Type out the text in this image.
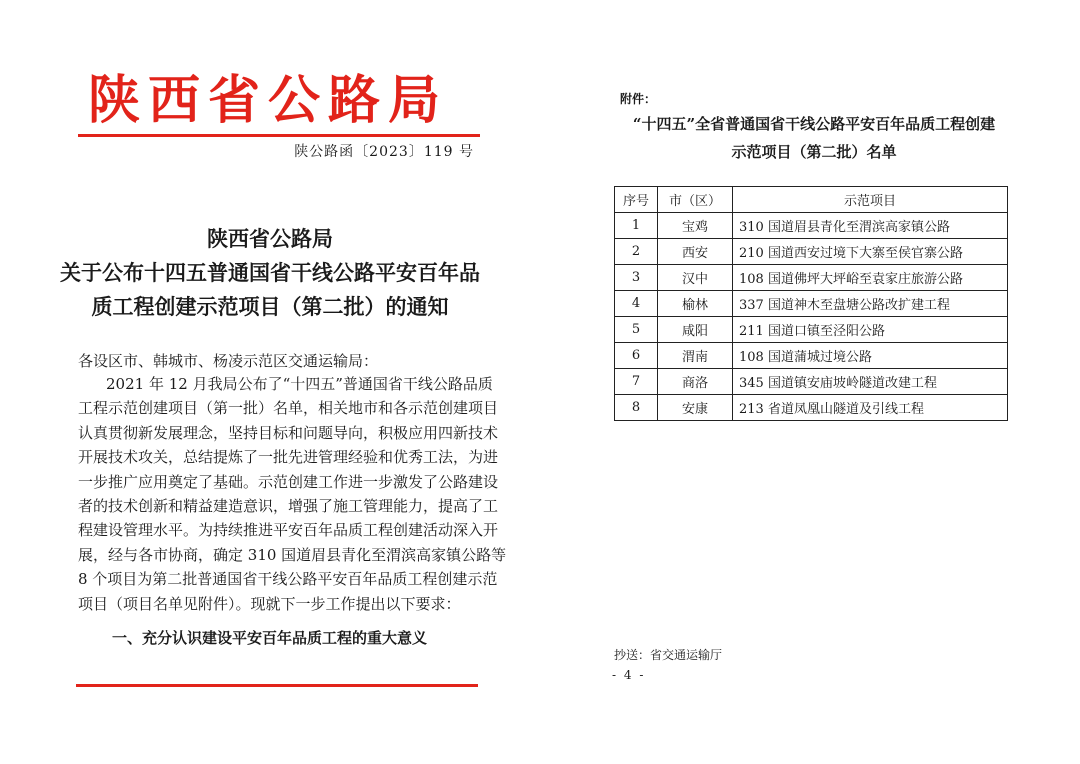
陕西省公路局
陕公路函〔2023〕119 号
陕西省公路局
关于公布十四五普通国省干线公路平安百年品
质工程创建示范项目（第二批）的通知
各设区市、韩城市、杨凌示范区交通运输局：
2021 年 12 月我局公布了“十四五”普通国省干线公路品质
工程示范创建项目（第一批）名单，相关地市和各示范创建项目
认真贯彻新发展理念，坚持目标和问题导向，积极应用四新技术
开展技术攻关，总结提炼了一批先进管理经验和优秀工法，为进
一步推广应用奠定了基础。示范创建工作进一步激发了公路建设
者的技术创新和精益建造意识，增强了施工管理能力，提高了工
程建设管理水平。为持续推进平安百年品质工程创建活动深入开
展，经与各市协商，确定 310 国道眉县青化至渭滨高家镇公路等
8 个项目为第二批普通国省干线公路平安百年品质工程创建示范
项目（项目名单见附件）。现就下一步工作提出以下要求：
一、充分认识建设平安百年品质工程的重大意义
附件：
“十四五”全省普通国省干线公路平安百年品质工程创建
示范项目（第二批）名单
序号	市（区）	示范项目
1	宝鸡	310 国道眉县青化至渭滨高家镇公路
2	西安	210 国道西安过境下大寨至侯官寨公路
3	汉中	108 国道佛坪大坪峪至袁家庄旅游公路
4	榆林	337 国道神木至盘塘公路改扩建工程
5	咸阳	211 国道口镇至泾阳公路
6	渭南	108 国道蒲城过境公路
7	商洛	345 国道镇安庙坡岭隧道改建工程
8	安康	213 省道凤凰山隧道及引线工程
抄送：省交通运输厅
- 4 -
